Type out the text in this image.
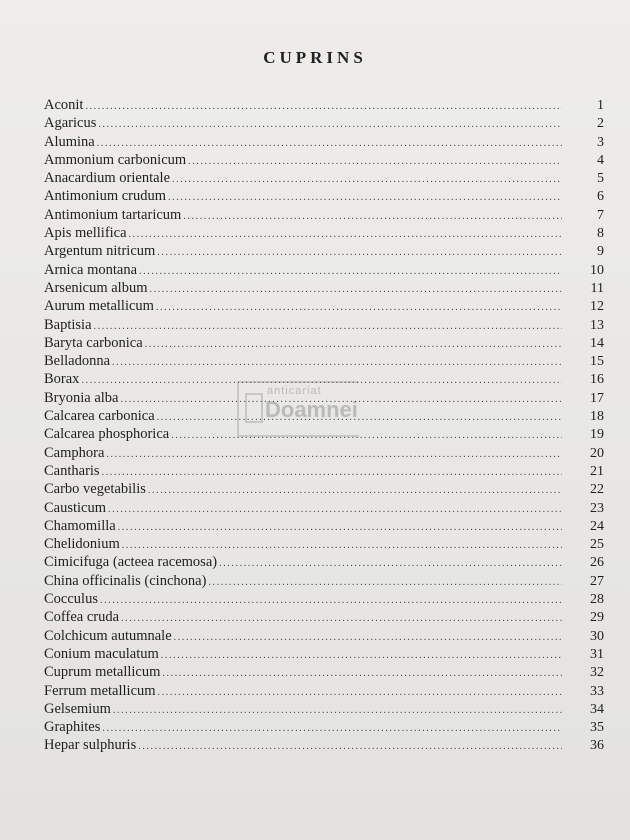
CUPRINS
Aconit .....	1
Agaricus .....	2
Alumina .....	3
Ammonium carbonicum .....	4
Anacardium orientale .....	5
Antimonium crudum .....	6
Antimonium tartaricum .....	7
Apis mellifica .....	8
Argentum nitricum .....	9
Arnica montana .....	10
Arsenicum album .....	11
Aurum metallicum .....	12
Baptisia .....	13
Baryta carbonica .....	14
Belladonna .....	15
Borax .....	16
Bryonia alba .....	17
Calcarea carbonica .....	18
Calcarea phosphorica .....	19
Camphora .....	20
Cantharis .....	21
Carbo vegetabilis .....	22
Causticum .....	23
Chamomilla .....	24
Chelidonium .....	25
Cimicifuga (acteea racemosa) .....	26
China officinalis (cinchona) .....	27
Cocculus .....	28
Coffea cruda .....	29
Colchicum autumnale .....	30
Conium maculatum .....	31
Cuprum metallicum .....	32
Ferrum metallicum .....	33
Gelsemium .....	34
Graphites .....	35
Hepar sulphuris .....	36
anticariat
Doamnei
